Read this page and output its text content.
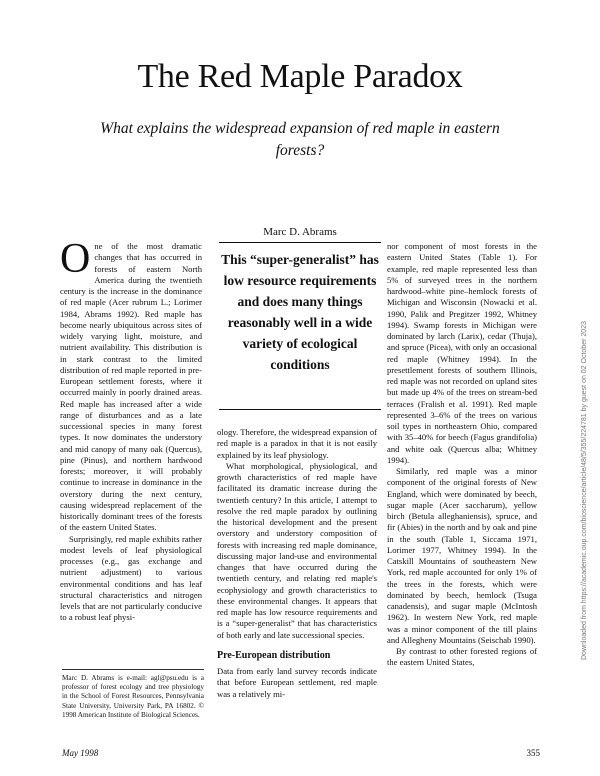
The Red Maple Paradox
What explains the widespread expansion of red maple in eastern forests?
Marc D. Abrams

One of the most dramatic changes that has occurred in forests of eastern North America during the twentieth century is the increase in the dominance of red maple (Acer rubrum L.; Lorimer 1984, Abrams 1992). Red maple has become nearly ubiquitous across sites of widely varying light, moisture, and nutrient availability. This distribution is in stark contrast to the limited distribution of red maple reported in pre-European settlement forests, where it occurred mainly in poorly drained areas. Red maple has increased after a wide range of disturbances and as a late successional species in many forest types. It now dominates the understory and mid canopy of many oak (Quercus), pine (Pinus), and northern hardwood forests; moreover, it will probably continue to increase in dominance in the overstory during the next century, causing widespread replacement of the historically dominant trees of the forests of the eastern United States.

Surprisingly, red maple exhibits rather modest levels of leaf physiological processes (e.g., gas exchange and nutrient adjustment) to various environmental conditions and has leaf structural characteristics and nitrogen levels that are not particularly conducive to a robust leaf physi-

This “super-generalist” has low resource requirements and does many things reasonably well in a wide variety of ecological conditions

ology. Therefore, the widespread expansion of red maple is a paradox in that it is not easily explained by its leaf physiology.

What morphological, physiological, and growth characteristics of red maple have facilitated its dramatic increase during the twentieth century? In this article, I attempt to resolve the red maple paradox by outlining the historical development and the present overstory and understory composition of forests with increasing red maple dominance, discussing major land-use and environmental changes that have occurred during the twentieth century, and relating red maple's ecophysiology and growth characteristics to these environmental changes. It appears that red maple has low resource requirements and is a “super-generalist” that has characteristics of both early and late successional species.

Pre-European distribution

Data from early land survey records indicate that before European settlement, red maple was a relatively mi-

nor component of most forests in the eastern United States (Table 1). For example, red maple represented less than 5% of surveyed trees in the northern hardwood–white pine–hemlock forests of Michigan and Wisconsin (Nowacki et al. 1990, Palik and Pregitzer 1992, Whitney 1994). Swamp forests in Michigan were dominated by larch (Larix), cedar (Thuja), and spruce (Picea), with only an occasional red maple (Whitney 1994). In the presettlement forests of southern Illinois, red maple was not recorded on upland sites but made up 4% of the trees on stream-bed terraces (Fralish et al. 1991). Red maple represented 3–6% of the trees on various soil types in northeastern Ohio, compared with 35–40% for beech (Fagus grandifolia) and white oak (Quercus alba; Whitney 1994).

Similarly, red maple was a minor component of the original forests of New England, which were dominated by beech, sugar maple (Acer saccharum), yellow birch (Betula alleghaniensis), spruce, and fir (Abies) in the north and by oak and pine in the south (Table 1, Siccama 1971, Lorimer 1977, Whitney 1994). In the Catskill Mountains of southeastern New York, red maple accounted for only 1% of the trees in the forests, which were dominated by beech, hemlock (Tsuga canadensis), and sugar maple (McIntosh 1962). In western New York, red maple was a minor component of the till plains and Allegheny Mountains (Seischab 1990).

By contrast to other forested regions of the eastern United States,

Marc D. Abrams is e-mail: agl@psu.edu is a professor of forest ecology and tree physiology in the School of Forest Resources, Pennsylvania State University, University Park, PA 16802. © 1998 American Institute of Biological Sciences.
May 1998	355
Downloaded from https://academic.oup.com/bioscience/article/48/5/355/224781 by guest on 02 October 2023
